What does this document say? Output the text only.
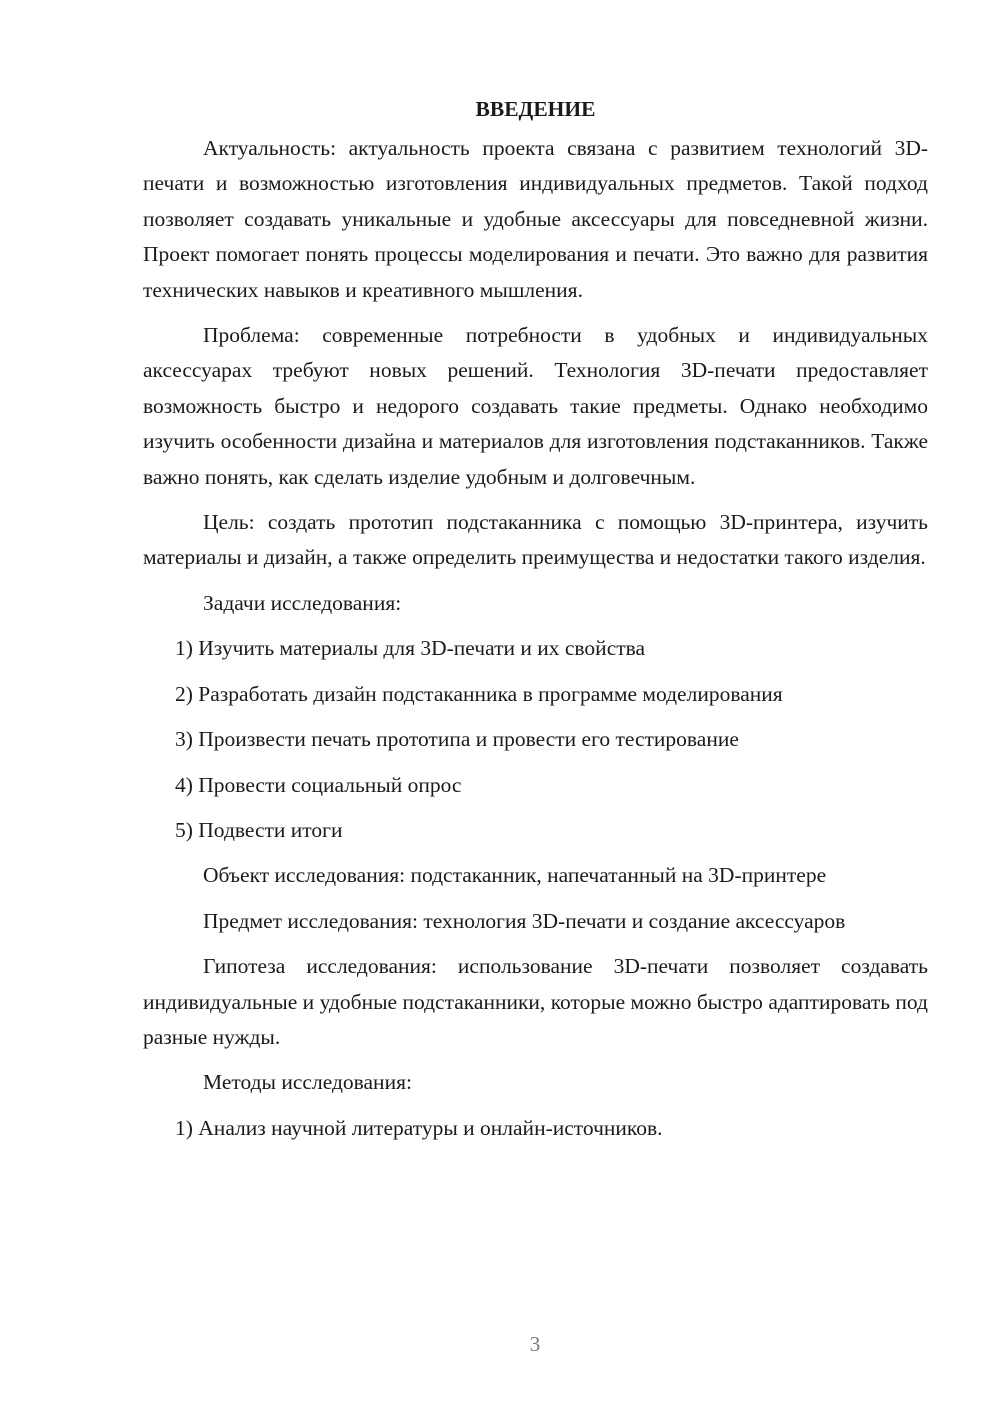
ВВЕДЕНИЕ

Актуальность: актуальность проекта связана с развитием технологий 3D-печати и возможностью изготовления индивидуальных предметов. Такой подход позволяет создавать уникальные и удобные аксессуары для повседневной жизни. Проект помогает понять процессы моделирования и печати. Это важно для развития технических навыков и креативного мышления.

Проблема: современные потребности в удобных и индивидуальных аксессуарах требуют новых решений. Технология 3D-печати предоставляет возможность быстро и недорого создавать такие предметы. Однако необходимо изучить особенности дизайна и материалов для изготовления подстаканников. Также важно понять, как сделать изделие удобным и долговечным.

Цель: создать прототип подстаканника с помощью 3D-принтера, изучить материалы и дизайн, а также определить преимущества и недостатки такого изделия.

Задачи исследования:

1) Изучить материалы для 3D-печати и их свойства

2) Разработать дизайн подстаканника в программе моделирования

3) Произвести печать прототипа и провести его тестирование

4) Провести социальный опрос

5) Подвести итоги

Объект исследования: подстаканник, напечатанный на 3D-принтере

Предмет исследования: технология 3D-печати и создание аксессуаров

Гипотеза исследования: использование 3D-печати позволяет создавать индивидуальные и удобные подстаканники, которые можно быстро адаптировать под разные нужды.

Методы исследования:

1) Анализ научной литературы и онлайн-источников.

3
